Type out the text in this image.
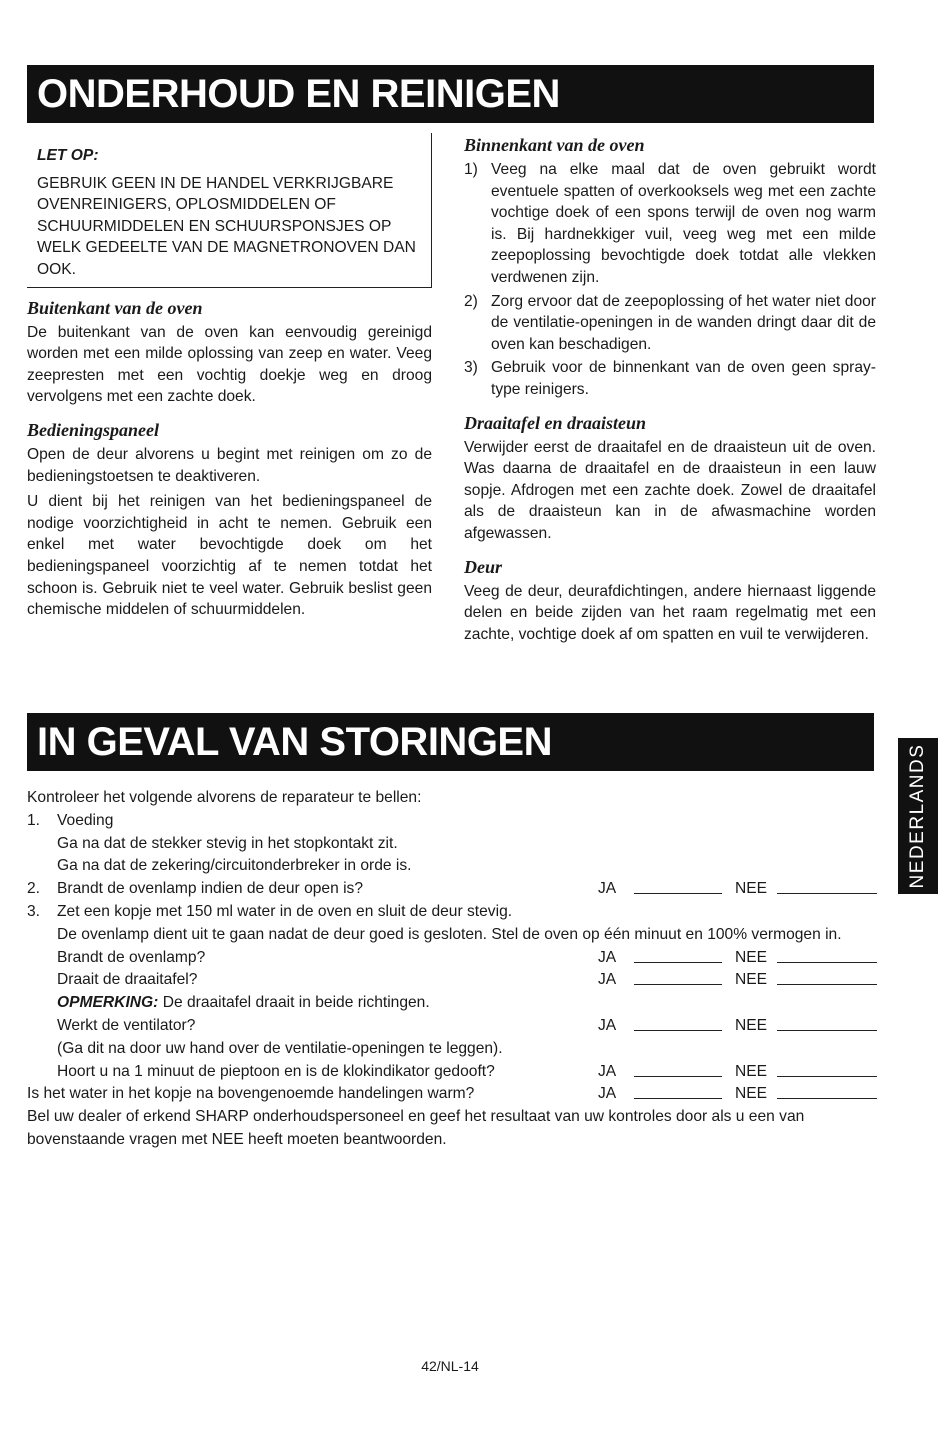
ONDERHOUD EN REINIGEN
LET OP:
GEBRUIK GEEN IN DE HANDEL VERKRIJGBARE OVENREINIGERS, OPLOSMIDDELEN OF SCHUURMIDDELEN EN SCHUURSPONSJES OP WELK GEDEELTE VAN DE MAGNETRONOVEN DAN OOK.
Buitenkant van de oven

De buitenkant van de oven kan eenvoudig gereinigd worden met een milde oplossing van zeep en water. Veeg zeepresten met een vochtig doekje weg en droog vervolgens met een zachte doek.

Bedieningspaneel

Open de deur alvorens u begint met reinigen om zo de bedieningstoetsen te deaktiveren.

U dient bij het reinigen van het bedieningspaneel de nodige voorzichtigheid in acht te nemen. Gebruik een enkel met water bevochtigde doek om het bedieningspaneel voorzichtig af te nemen totdat het schoon is. Gebruik niet te veel water. Gebruik beslist geen chemische middelen of schuurmiddelen.

Binnenkant van de oven
1) Veeg na elke maal dat de oven gebruikt wordt eventuele spatten of overkooksels weg met een zachte vochtige doek of een spons terwijl de oven nog warm is. Bij hardnekkiger vuil, veeg weg met een milde zeepoplossing bevochtigde doek totdat alle vlekken verdwenen zijn.
2) Zorg ervoor dat de zeepoplossing of het water niet door de ventilatie-openingen in de wanden dringt daar dit de oven kan beschadigen.
3) Gebruik voor de binnenkant van de oven geen spray-type reinigers.
Draaitafel en draaisteun

Verwijder eerst de draaitafel en de draaisteun uit de oven. Was daarna de draaitafel en de draaisteun in een lauw sopje. Afdrogen met een zachte doek. Zowel de draaitafel als de draaisteun kan in de afwasmachine worden afgewassen.

Deur

Veeg de deur, deurafdichtingen, andere hiernaast liggende delen en beide zijden van het raam regelmatig met een zachte, vochtige doek af om spatten en vuil te verwijderen.

IN GEVAL VAN STORINGEN
NEDERLANDS
Kontroleer het volgende alvorens de reparateur te bellen:
1. Voeding
Ga na dat de stekker stevig in het stopkontakt zit.
Ga na dat de zekering/circuitonderbreker in orde is.
2. Brandt de ovenlamp indien de deur open is?	JA	NEE
3. Zet een kopje met 150 ml water in de oven en sluit de deur stevig.
De ovenlamp dient uit te gaan nadat de deur goed is gesloten. Stel de oven op één minuut en 100% vermogen in.
Brandt de ovenlamp?	JA	NEE
Draait de draaitafel?	JA	NEE
OPMERKING: De draaitafel draait in beide richtingen.
Werkt de ventilator?	JA	NEE
(Ga dit na door uw hand over de ventilatie-openingen te leggen).
Hoort u na 1 minuut de pieptoon en is de klokindikator gedooft?	JA	NEE
Is het water in het kopje na bovengenoemde handelingen warm?	JA	NEE
Bel uw dealer of erkend SHARP onderhoudspersoneel en geef het resultaat van uw kontroles door als u een van bovenstaande vragen met NEE heeft moeten beantwoorden.
42/NL-14
